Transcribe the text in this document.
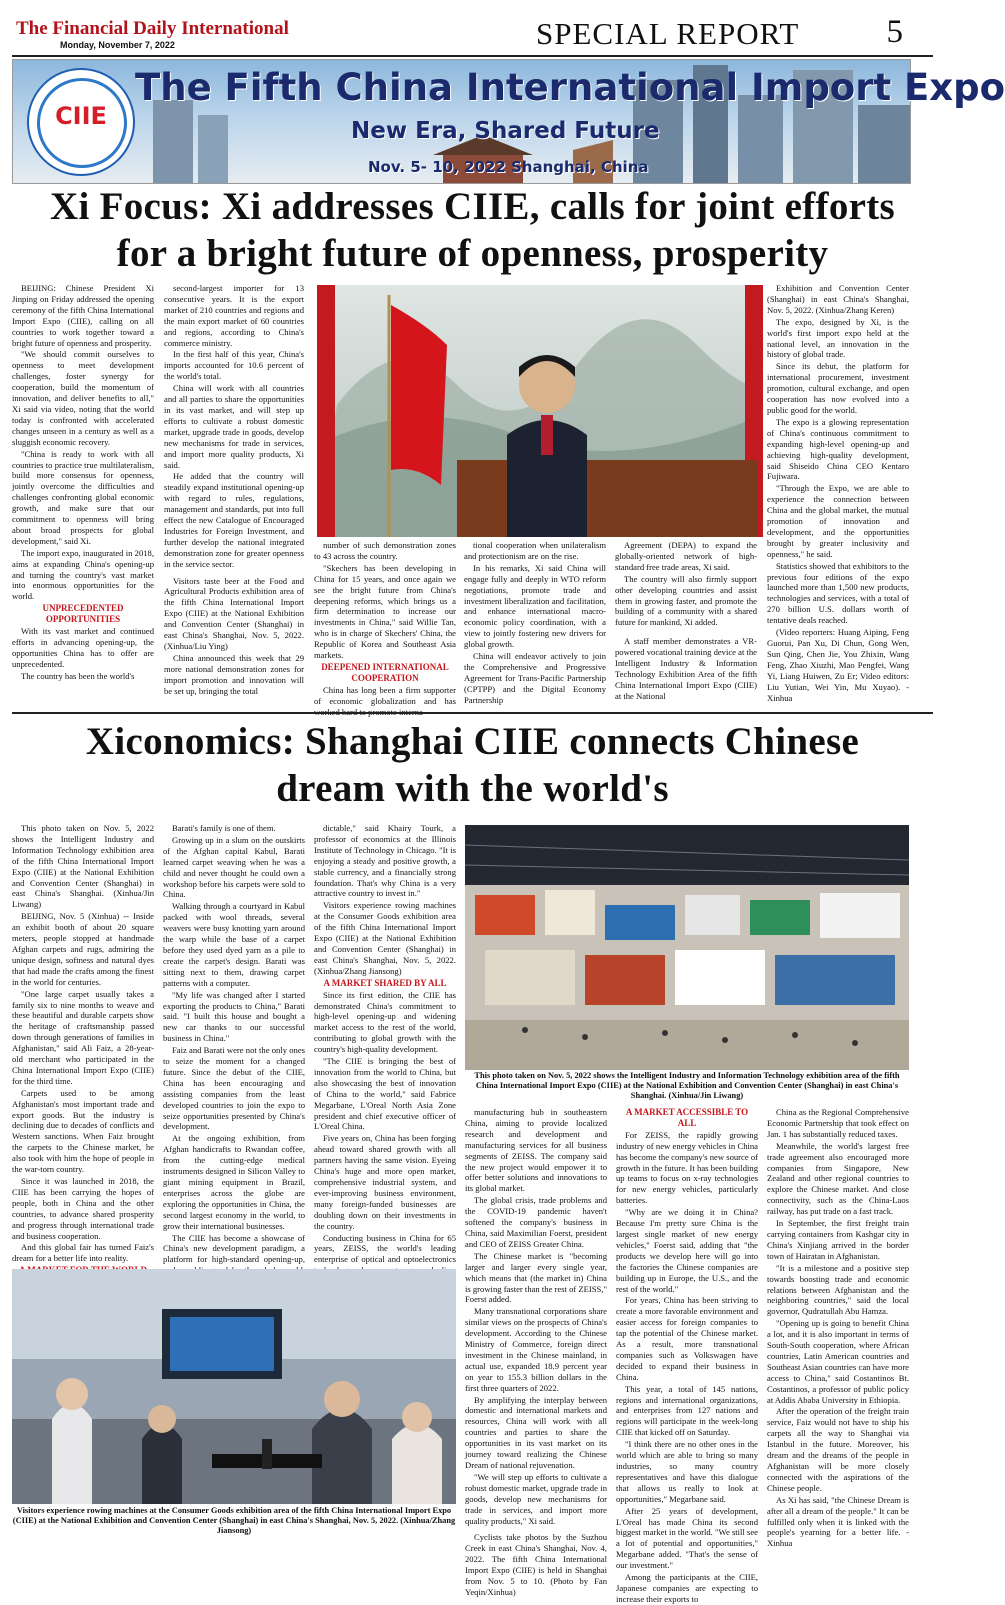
The Financial Daily International
Monday, November 7, 2022	SPECIAL REPORT	5
CIIE
The Fifth China International Import Expo
New Era, Shared Future
Nov. 5- 10, 2022 Shanghai, China
Xi Focus: Xi addresses CIIE, calls for joint efforts
for a bright future of openness, prosperity

BEIJING: Chinese President Xi Jinping on Friday addressed the opening ceremony of the fifth China International Import Expo (CIIE), calling on all countries to work together toward a bright future of openness and prosperity.

"We should commit ourselves to openness to meet development challenges, foster synergy for cooperation, build the momentum of innovation, and deliver benefits to all," Xi said via video, noting that the world today is confronted with accelerated changes unseen in a century as well as a sluggish economic recovery.

"China is ready to work with all countries to practice true multilateralism, build more consensus for openness, jointly overcome the difficulties and challenges confronting global economic growth, and make sure that our commitment to openness will bring about broad prospects for global development," said Xi.

The import expo, inaugurated in 2018, aims at expanding China's opening-up and turning the country's vast market into enormous opportunities for the world.

UNPRECEDENTED OPPORTUNITIES

With its vast market and continued efforts in advancing opening-up, the opportunities China has to offer are unprecedented.

The country has been the world's

second-largest importer for 13 consecutive years. It is the export market of 210 countries and regions and the main export market of 60 countries and regions, according to China's commerce ministry.

In the first half of this year, China's imports accounted for 10.6 percent of the world's total.

China will work with all countries and all parties to share the opportunities in its vast market, and will step up efforts to cultivate a robust domestic market, upgrade trade in goods, develop new mechanisms for trade in services, and import more quality products, Xi said.

He added that the country will steadily expand institutional opening-up with regard to rules, regulations, management and standards, put into full effect the new Catalogue of Encouraged Industries for Foreign Investment, and further develop the national integrated demonstration zone for greater openness in the service sector.

Visitors taste beer at the Food and Agricultural Products exhibition area of the fifth China International Import Expo (CIIE) at the National Exhibition and Convention Center (Shanghai) in east China's Shanghai, Nov. 5, 2022. (Xinhua/Liu Ying)

China announced this week that 29 more national demonstration zones for import promotion and innovation will be set up, bringing the total

number of such demonstration zones to 43 across the country.

"Skechers has been developing in China for 15 years, and once again we see the bright future from China's deepening reforms, which brings us a firm determination to increase our investments in China," said Willie Tan, who is in charge of Skechers' China, the Republic of Korea and Southeast Asia markets.

DEEPENED INTERNATIONAL COOPERATION

China has long been a firm supporter of economic globalization and has

tional cooperation when unilateralism and protectionism are on the rise.

In his remarks, Xi said China will engage fully and deeply in WTO reform negotiations, promote trade and investment liberalization and facilitation, and enhance international macro-economic policy coordination, with a view to jointly fostering new drivers for global growth.

China will endeavor actively to join the Comprehensive and Progressive Agreement for Trans-Pacific Partnership (CPTPP) and the Digital Economy Partnership

Agreement (DEPA) to expand the globally-oriented network of high-standard free trade areas, Xi said.

The country will also firmly support other developing countries and assist them in growing faster, and promote the building of a community with a shared future for mankind, Xi added.

A staff member demonstrates a VR-powered vocational training device at the Intelligent Industry & Information Technology Exhibition Area of the fifth China International Import Expo (CIIE) at the National

Exhibition and Convention Center (Shanghai) in east China's Shanghai, Nov. 5, 2022. (Xinhua/Zhang Keren)

The expo, designed by Xi, is the world's first import expo held at the national level, an innovation in the history of global trade.

Since its debut, the platform for international procurement, investment promotion, cultural exchange, and open cooperation has now evolved into a public good for the world.

The expo is a glowing representation of China's continuous commitment to expanding high-level opening-up and achieving high-quality development, said Shiseido China CEO Kentaro Fujiwara.

"Through the Expo, we are able to experience the connection between China and the global market, the mutual promotion of innovation and development, and the opportunities brought by greater inclusivity and openness," he said.

Statistics showed that exhibitors to the previous four editions of the expo launched more than 1,500 new products, technologies and services, with a total of 270 billion U.S. dollars worth of tentative deals reached.

(Video reporters: Huang Aiping, Feng Guorui, Pan Xu, Di Chun, Gong Wen, Sun Qing, Chen Jie, You Zhixin, Wang Feng, Zhao Xiuzhi, Mao Pengfei, Wang Yi, Liang Huiwen, Zu Er; Video editors: Liu Yutian, Wei Yin, Mu Xuyao). -Xinhua

Xiconomics: Shanghai CIIE connects Chinese
dream with the world's
This photo taken on Nov. 5, 2022 shows the Intelligent Industry and Information Technology exhibition area of the fifth China International Import Expo (CIIE) at the National Exhibition and Convention Center (Shanghai) in east China's Shanghai. (Xinhua/Jin Liwang)

This photo taken on Nov. 5, 2022 shows the Intelligent Industry and Information Technology exhibition area of the fifth China International Import Expo (CIIE) at the National Exhibition and Convention Center (Shanghai) in east China's Shanghai. (Xinhua/Jin Liwang)

BEIJING, Nov. 5 (Xinhua) -- Inside an exhibit booth of about 20 square meters, people stopped at handmade Afghan carpets and rugs, admiring the unique design, softness and natural dyes that had made the crafts among the finest in the world for centuries.

"One large carpet usually takes a family six to nine months to weave and these beautiful and durable carpets show the heritage of craftsmanship passed down through generations of families in Afghanistan," said Ali Faiz, a 28-year-old merchant who participated in the China International Import Expo (CIIE) for the third time.

Carpets used to be among Afghanistan's most important trade and export goods. But the industry is declining due to decades of conflicts and Western sanctions. When Faiz brought the carpets to the Chinese market, he also took with him the hope of people in the war-torn country.

Since it was launched in 2018, the CIIE has been carrying the hopes of people, both in China and the other countries, to advance shared prosperity and progress through international trade and business cooperation.

And this global fair has turned Faiz's dream for a better life into reality.

Barati's family is one of them.

Growing up in a slum on the outskirts of the Afghan capital Kabul, Barati learned carpet weaving when he was a child and never thought he could own a workshop before his carpets were sold to China.

Walking through a courtyard in Kabul packed with wool threads, several weavers were busy knotting yarn around the warp while the base of a carpet before they used dyed yarn as a pile to create the carpet's design. Barati was sitting next to them, drawing carpet patterns with a computer.

"My life was changed after I started exporting the products to China," Barati said. "I built this house and bought a new car thanks to our successful business in China."

Faiz and Barati were not the only ones to seize the moment for a changed future. Since the debut of the CIIE, China has been encouraging and assisting companies from the least developed countries to join the expo to seize opportunities presented by China's development.

At the ongoing exhibition, from Afghan handicrafts to Rwandan coffee, from the cutting-edge medical instruments designed in Silicon Valley to giant mining equipment in Brazil, enterprises across the globe are exploring the opportunities in China, the second largest economy in the world, to grow their international businesses.

The CIIE has become a showcase of China's new development paradigm, a platform for high-standard opening-up,

dictable," said Khairy Tourk, a professor of economics at the Illinois Institute of Technology in Chicago. "It is enjoying a steady and positive growth, a stable currency, and a financially strong foundation. That's why China is a very attractive country to invest in."

Visitors experience rowing machines at the Consumer Goods exhibition area of the fifth China International Import Expo (CIIE) at the National Exhibition and Convention Center (Shanghai) in east China's Shanghai, Nov. 5, 2022. (Xinhua/Zhang Jiansong)

A MARKET SHARED BY ALL

Since its first edition, the CIIE has demonstrated China's commitment to high-level opening-up and widening market access to the rest of the world, contributing to global growth with the country's high-quality development.

"The CIIE is bringing the best of innovation from the world to China, but also showcasing the best of innovation of China to the world," said Fabrice Megarbane, L'Oreal North Asia Zone president and chief executive officer of L'Oreal China.

Five years on, China has been forging ahead toward shared growth with all partners having the same vision. Eyeing China's huge and more open market, comprehensive industrial system, and ever-improving business environment, many foreign-funded businesses are doubling down on their investments in the country.

Conducting business in China for 65 years, ZEISS, the world's leading enterprise of optical and optoelectronics

manufacturing hub in southeastern China, aiming to provide localized research and development and manufacturing services for all business segments of ZEISS. The company said the new project would empower it to offer better solutions and innovations to its global market.

The global crisis, trade problems and the COVID-19 pandemic haven't softened the company's business in China, said Maximilian Foerst, president and CEO of ZEISS Greater China.

The Chinese market is "becoming larger and larger every single year, which means that (the market in) China is growing faster than the rest of ZEISS," Foerst added.

Many transnational corporations share similar views on the prospects of China's development. According to the Chinese Ministry of Commerce, foreign direct investment in the Chinese mainland, in actual use, expanded 18.9 percent year on year to 155.3 billion dollars in the first three quarters of 2022.

By amplifying the interplay between domestic and international markets and resources, China will work with all countries and parties to share the opportunities in its vast market on its journey toward realizing the Chinese Dream of national rejuvenation.

"We will step up efforts to cultivate a robust domestic market, upgrade trade in goods, develop new mechanisms for trade in services, and import more quality products," Xi said.

Cyclists take photos by the Suzhou Creek in east China's Shanghai, Nov. 4, 2022. The fifth China International Import Expo (CIIE) is held in Shanghai from Nov. 5 to 10. (Photo by Fan Yeqin/Xinhua)

A MARKET ACCESSIBLE TO ALL

For ZEISS, the rapidly growing industry of new energy vehicles in China has become the company's new source of growth in the future. It has been building up teams to focus on x-ray technologies for new energy vehicles, particularly batteries.

"Why are we doing it in China? Because I'm pretty sure China is the largest single market of new energy vehicles," Foerst said, adding that "the products we develop here will go into the factories the Chinese companies are building up in Europe, the U.S., and the rest of the world."

For years, China has been striving to create a more favorable environment and easier access for foreign companies to tap the potential of the Chinese market. As a result, more transnational companies such as Volkswagen have decided to expand their business in China.

This year, a total of 145 nations, regions and international organizations, and enterprises from 127 nations and regions will participate in the week-long CIIE that kicked off on Saturday.

"I think there are no other ones in the world which are able to bring so many industries, so many country representatives and have this dialogue that allows us really to look at opportunities," Megarbane said.

After 25 years of development, L'Oreal has made China its second biggest market in the world. "We still see a lot of potential and opportunities," Megarbane added. "That's the sense of our investment."

Among the participants at the CIIE, Japanese companies are expecting to increase their exports to

China as the Regional Comprehensive Economic Partnership that took effect on Jan. 1 has substantially reduced taxes.

Meanwhile, the world's largest free trade agreement also encouraged more companies from Singapore, New Zealand and other regional countries to explore the Chinese market. And close connectivity, such as the China-Laos railway, has put trade on a fast track.

In September, the first freight train carrying containers from Kashgar city in China's Xinjiang arrived in the border town of Hairatan in Afghanistan.

"It is a milestone and a positive step towards boosting trade and economic relations between Afghanistan and the neighboring countries," said the local governor, Qudratullah Abu Hamza.

"Opening up is going to benefit China a lot, and it is also important in terms of South-South cooperation, where African countries, Latin American countries and Southeast Asian countries can have more access to China," said Costantinos Bt. Costantinos, a professor of public policy at Addis Ababa University in Ethiopia.

After the operation of the freight train service, Faiz would not have to ship his carpets all the way to Shanghai via Istanbul in the future. Moreover, his dream and the dreams of the people in Afghanistan will be more closely connected with the aspirations of the Chinese people.

As Xi has said, "the Chinese Dream is after all a dream of the people." It can be fulfilled only when it is linked with the people's yearning for a better life. -Xinhua

Visitors experience rowing machines at the Consumer Goods exhibition area of the fifth China International Import Expo (CIIE) at the National Exhibition and Convention Center (Shanghai) in east China's Shanghai, Nov. 5, 2022. (Xinhua/Zhang Jiansong)
